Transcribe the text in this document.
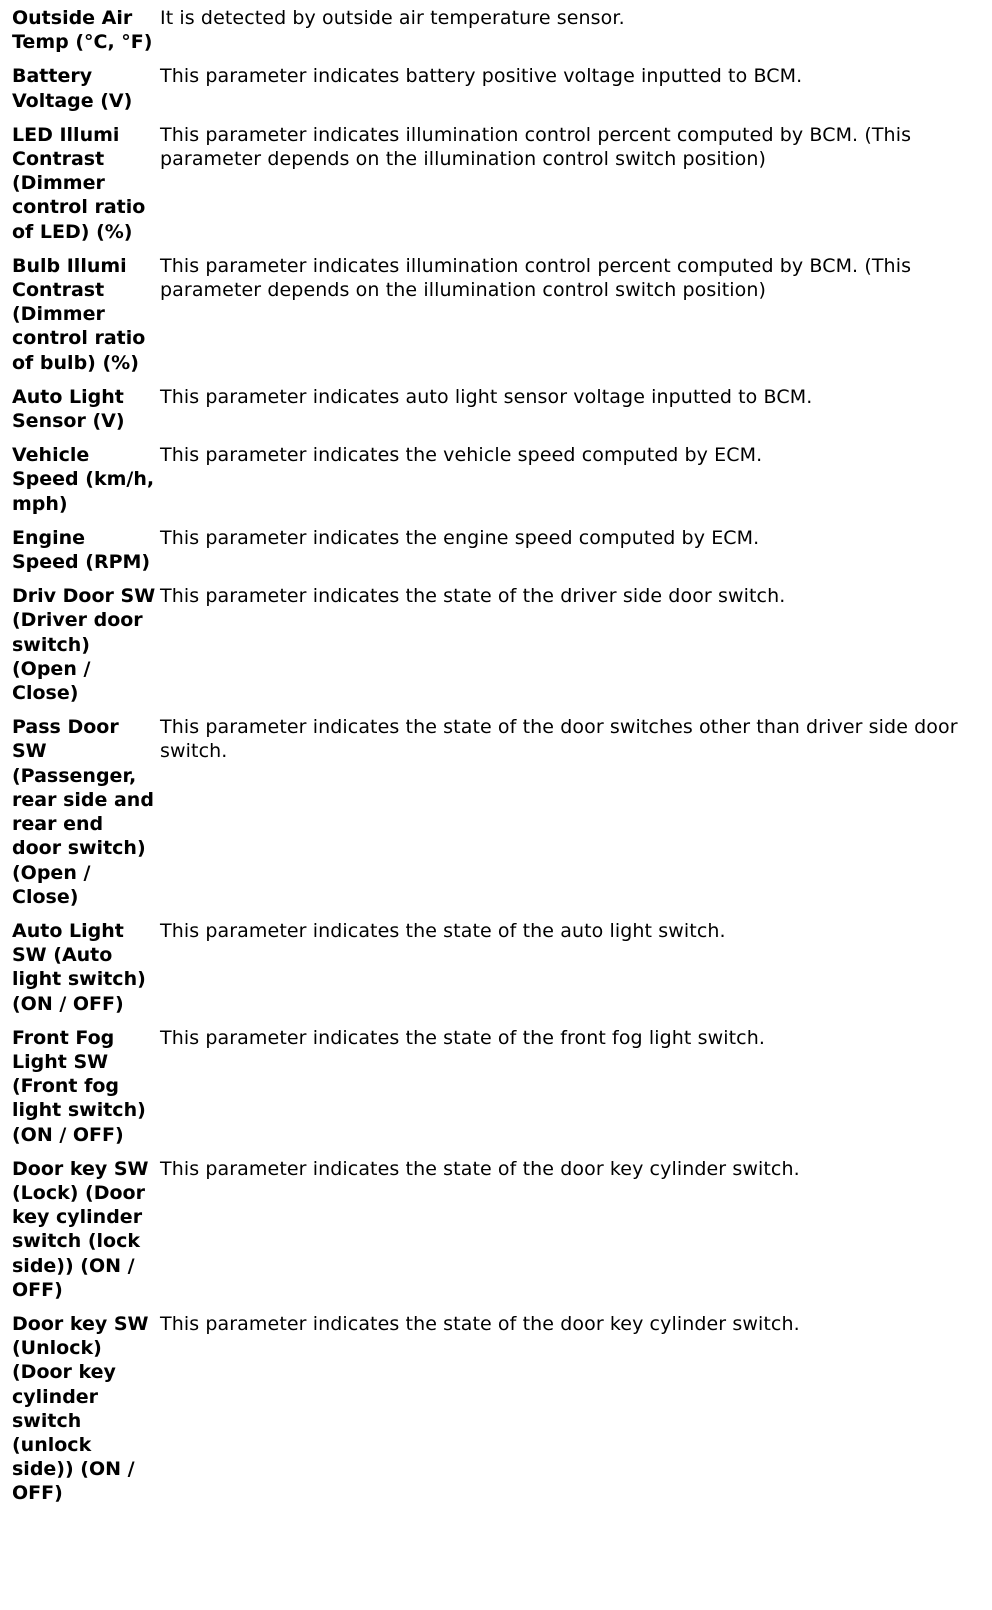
Outside Air Temp (°C, °F)	It is detected by outside air temperature sensor.

Battery Voltage (V)	This parameter indicates battery positive voltage inputted to BCM.

LED Illumi Contrast (Dimmer control ratio of LED) (%)	This parameter indicates illumination control percent computed by BCM. (This parameter depends on the illumination control switch position)

Bulb Illumi Contrast (Dimmer control ratio of bulb) (%)	This parameter indicates illumination control percent computed by BCM. (This parameter depends on the illumination control switch position)

Auto Light Sensor (V)	This parameter indicates auto light sensor voltage inputted to BCM.

Vehicle Speed (km/h, mph)	This parameter indicates the vehicle speed computed by ECM.

Engine Speed (RPM)	This parameter indicates the engine speed computed by ECM.

Driv Door SW (Driver door switch) (Open / Close)	This parameter indicates the state of the driver side door switch.

Pass Door SW (Passenger, rear side and rear end door switch) (Open / Close)	This parameter indicates the state of the door switches other than driver side door switch.

Auto Light SW (Auto light switch) (ON / OFF)	This parameter indicates the state of the auto light switch.

Front Fog Light SW (Front fog light switch) (ON / OFF)	This parameter indicates the state of the front fog light switch.

Door key SW (Lock) (Door key cylinder switch (lock side)) (ON / OFF)	This parameter indicates the state of the door key cylinder switch.

Door key SW (Unlock) (Door key cylinder switch (unlock side)) (ON / OFF)	This parameter indicates the state of the door key cylinder switch.
